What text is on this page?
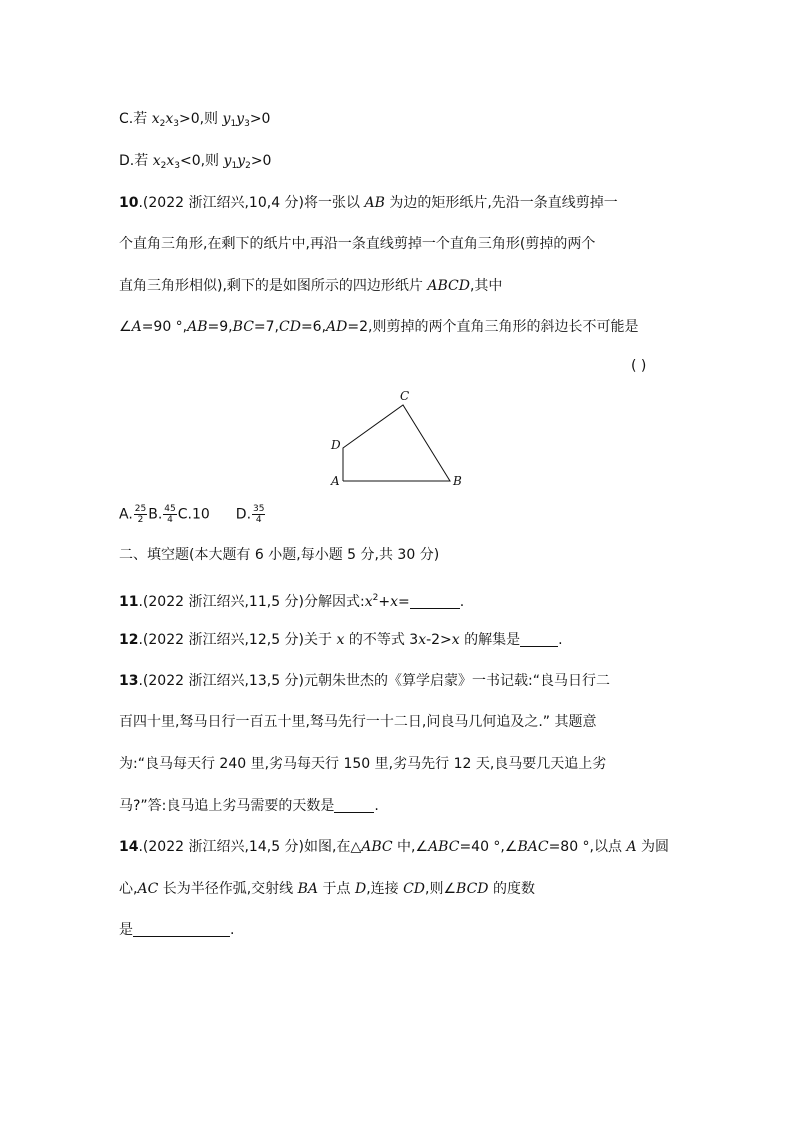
C.若 $x_2x_3>0$,则 $y_1y_3>0$
D.若 $x_2x_3<0$,则 $y_1y_2>0$
10.(2022 浙江绍兴,10,4 分)将一张以 AB 为边的矩形纸片,先沿一条直线剪掉一
个直角三角形,在剩下的纸片中,再沿一条直线剪掉一个直角三角形(剪掉的两个
直角三角形相似),剩下的是如图所示的四边形纸片 ABCD,其中
∠A=90 °,AB=9,BC=7,CD=6,AD=2,则剪掉的两个直角三角形的斜边长不可能是
( )
C
D
A	B
A. $\frac{25}{2} B$. $\frac{45}{4} C.10$ D. $\frac{35}{4}$
二、填空题(本大题有 6 小题,每小题 5 分,共 30 分)
11.(2022 浙江绍兴,11,5 分)分解因式$:x^2+x=$	.
12.(2022 浙江绍兴,12,5 分)关于 x 的不等式 3x-2>x 的解集是	.
13.(2022 浙江绍兴,13,5 分)元朝朱世杰的《算学启蒙》一书记载:“良马日行二
百四十里,驽马日行一百五十里,驽马先行一十二日,问良马几何追及之.” 其题意
为:“良马每天行 240 里,劣马每天行 150 里,劣马先行 12 天,良马要几天追上劣
马?”答:良马追上劣马需要的天数是	.
14.(2022 浙江绍兴,14,5 分)如图,在△ABC 中,∠ABC=40 °,∠BAC=80 °,以点 A 为圆
心,AC 长为半径作弧,交射线 BA 于点 D,连接 CD,则∠BCD 的度数
是	.
